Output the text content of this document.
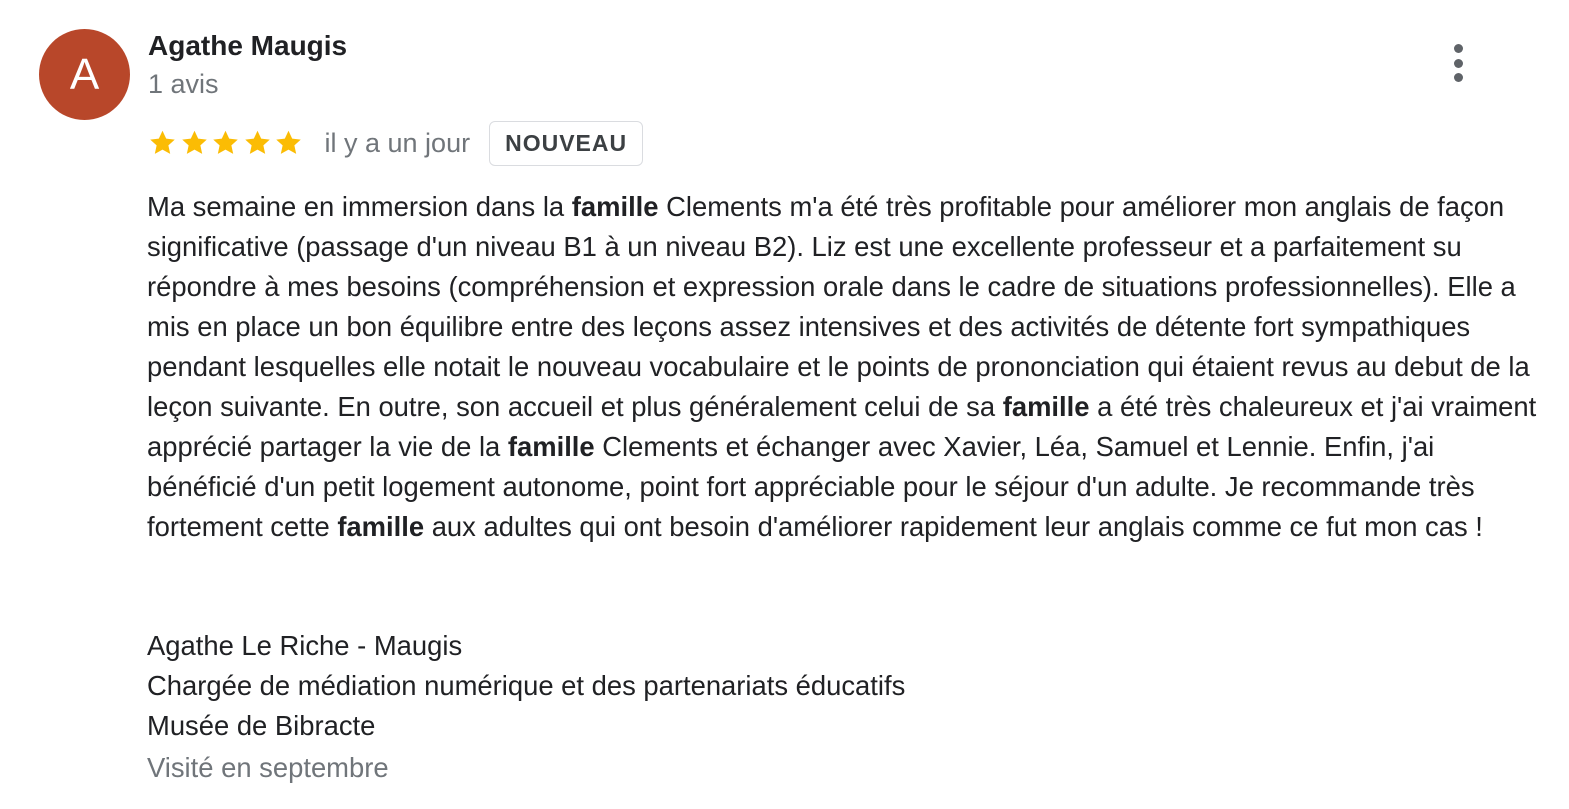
A
Agathe Maugis
1 avis
il y a un jour	NOUVEAU

Ma semaine en immersion dans la famille Clements m'a été très profitable pour améliorer mon anglais de façon significative (passage d'un niveau B1 à un niveau B2). Liz est une excellente professeur et a parfaitement su répondre à mes besoins (compréhension et expression orale dans le cadre de situations professionnelles). Elle a mis en place un bon équilibre entre des leçons assez intensives et des activités de détente fort sympathiques pendant lesquelles elle notait le nouveau vocabulaire et le points de prononciation qui étaient revus au debut de la leçon suivante. En outre, son accueil et plus généralement celui de sa famille a été très chaleureux et j'ai vraiment apprécié partager la vie de la famille Clements et échanger avec Xavier, Léa, Samuel et Lennie. Enfin, j'ai bénéficié d'un petit logement autonome, point fort appréciable pour le séjour d'un adulte. Je recommande très fortement cette famille aux adultes qui ont besoin d'améliorer rapidement leur anglais comme ce fut mon cas !

Agathe Le Riche - Maugis
Chargée de médiation numérique et des partenariats éducatifs
Musée de Bibracte
Visité en septembre
